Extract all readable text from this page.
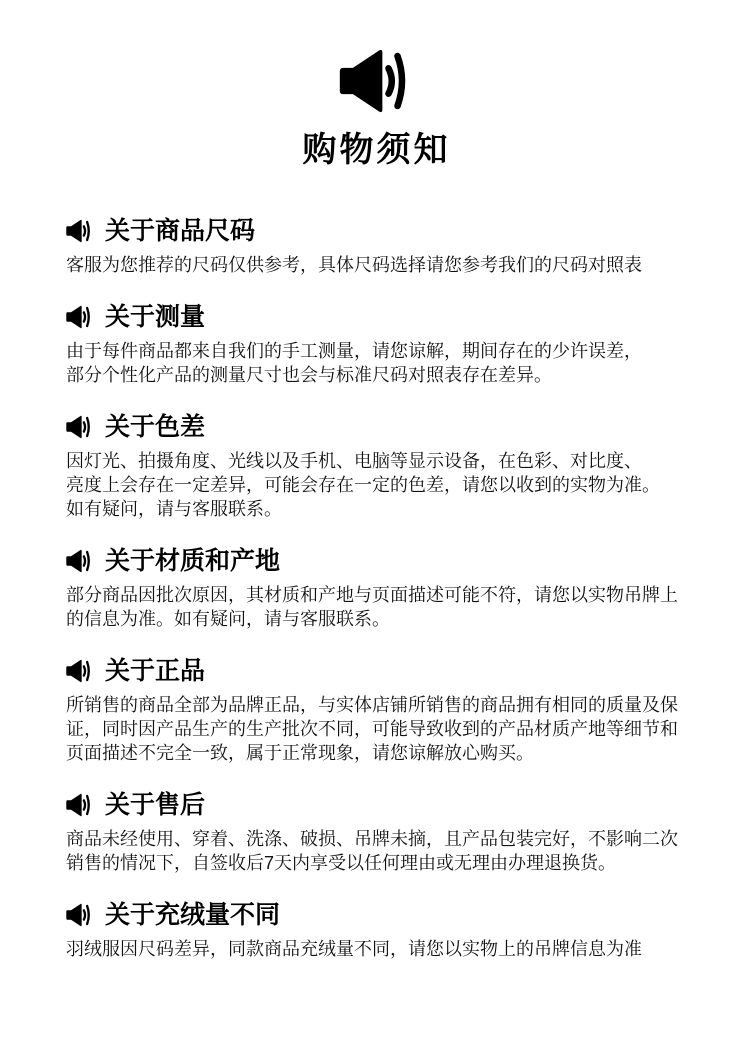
购物须知
关于商品尺码
客服为您推荐的尺码仅供参考，具体尺码选择请您参考我们的尺码对照表
关于测量
由于每件商品都来自我们的手工测量，请您谅解，期间存在的少许误差，
部分个性化产品的测量尺寸也会与标准尺码对照表存在差异。
关于色差
因灯光、拍摄角度、光线以及手机、电脑等显示设备，在色彩、对比度、
亮度上会存在一定差异，可能会存在一定的色差，请您以收到的实物为准。
如有疑问，请与客服联系。
关于材质和产地
部分商品因批次原因，其材质和产地与页面描述可能不符，请您以实物吊牌上
的信息为准。如有疑问，请与客服联系。
关于正品
所销售的商品全部为品牌正品，与实体店铺所销售的商品拥有相同的质量及保
证，同时因产品生产的生产批次不同，可能导致收到的产品材质产地等细节和
页面描述不完全一致，属于正常现象，请您谅解放心购买。
关于售后
商品未经使用、穿着、洗涤、破损、吊牌未摘，且产品包装完好，不影响二次
销售的情况下，自签收后7天内享受以任何理由或无理由办理退换货。
关于充绒量不同
羽绒服因尺码差异，同款商品充绒量不同，请您以实物上的吊牌信息为准
